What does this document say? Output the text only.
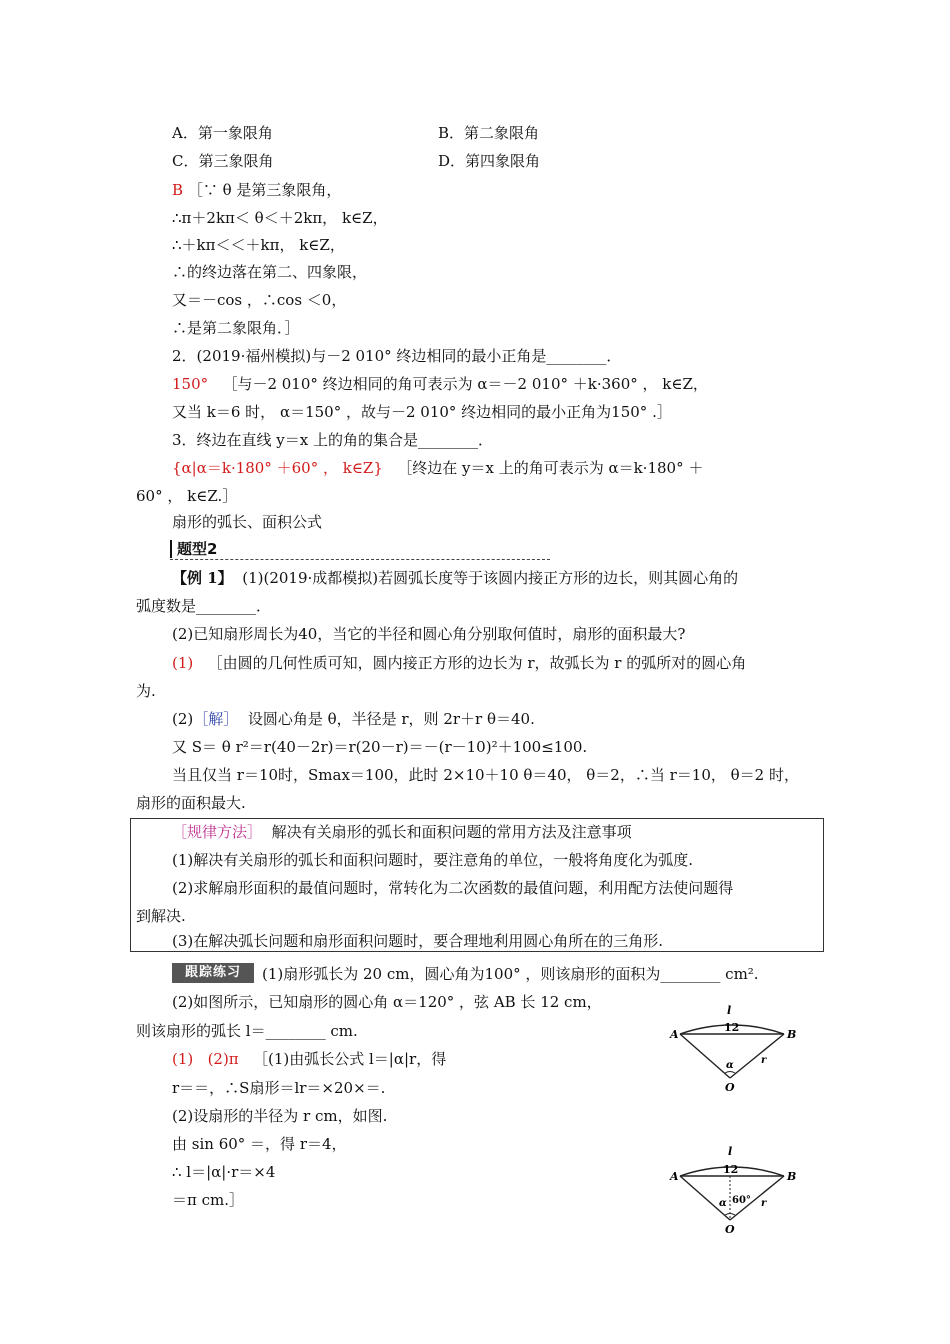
A．第一象限角	B．第二象限角
C．第三象限角	D．第四象限角
B ［∵ θ 是第三象限角，
∴π＋2kπ＜ θ＜＋2kπ， k∈Z，
∴＋kπ＜＜＋kπ， k∈Z，
∴的终边落在第二、四象限，
又＝－cos ，∴cos ＜0，
∴是第二象限角．］
2．(2019·福州模拟)与－2 010° 终边相同的最小正角是________．
150° ［与－2 010° 终边相同的角可表示为 α＝－2 010° ＋k·360° ， k∈Z，
又当 k＝6 时， α＝150° ，故与－2 010° 终边相同的最小正角为150° .］
3．终边在直线 y＝x 上的角的集合是________．
{α|α＝k·180° ＋60° ， k∈Z} ［终边在 y＝x 上的角可表示为 α＝k·180° ＋
60° ， k∈Z.］
扇形的弧长、面积公式
题型2
【例 1】 (1)(2019·成都模拟)若圆弧长度等于该圆内接正方形的边长，则其圆心角的
弧度数是________．
(2)已知扇形周长为40，当它的半径和圆心角分别取何值时，扇形的面积最大?
(1) ［由圆的几何性质可知，圆内接正方形的边长为 r，故弧长为 r 的弧所对的圆心角
为.
(2)［解］ 设圆心角是 θ，半径是 r，则 2r＋r θ＝40.
又 S＝ θ r²＝r(40－2r)＝r(20－r)＝－(r－10)²＋100≤100.
当且仅当 r＝10时，Smax＝100，此时 2×10＋10 θ＝40， θ＝2，∴当 r＝10， θ＝2 时，
扇形的面积最大.
［规律方法］ 解决有关扇形的弧长和面积问题的常用方法及注意事项
(1)解决有关扇形的弧长和面积问题时，要注意角的单位，一般将角度化为弧度.
(2)求解扇形面积的最值问题时，常转化为二次函数的最值问题，利用配方法使问题得
到解决.
(3)在解决弧长问题和扇形面积问题时，要合理地利用圆心角所在的三角形.
跟踪练习	(1)扇形弧长为 20 cm，圆心角为100° ，则该扇形的面积为________ cm².
(2)如图所示，已知扇形的圆心角 α＝120° ，弦 AB 长 12 cm，
则该扇形的弧长 l＝________ cm.
(1) (2)π ［(1)由弧长公式 l＝|α|r，得
r＝＝，∴S扇形＝lr＝×20×＝.
(2)设扇形的半径为 r cm，如图.
由 sin 60° ＝，得 r＝4，
∴ l＝|α|·r＝×4
＝π cm.］
A	B
l
12
α	r
O
A	B
l
12
α 60° r
O
